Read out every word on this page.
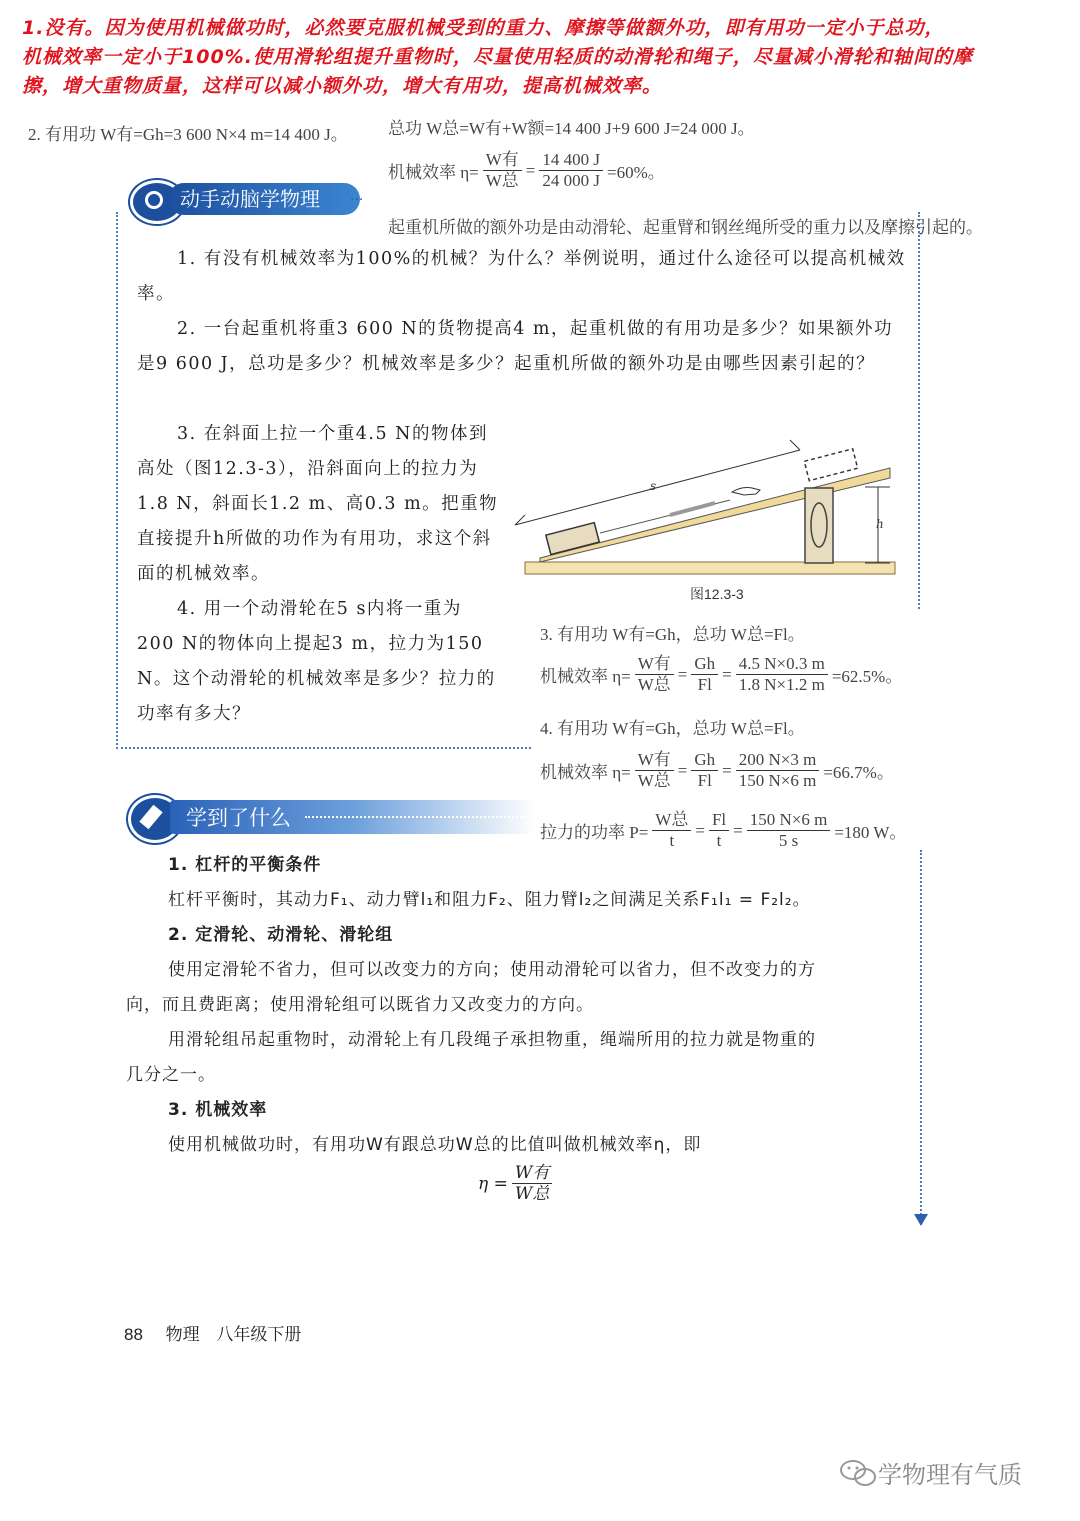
1.没有。因为使用机械做功时，必然要克服机械受到的重力、摩擦等做额外功，即有用功一定小于总功，
机械效率一定小于100%.使用滑轮组提升重物时，尽量使用轻质的动滑轮和绳子，尽量减小滑轮和轴间的摩
擦，增大重物质量，这样可以减小额外功，增大有用功，提高机械效率。
2. 有用功 W有=Gh=3 600 N×4 m=14 400 J。 总功 W总=W有+W额=14 400 J+9 600 J=24 000 J。
机械效率 $\eta= \frac{\text{W有}}{\text{W总}} = \frac{14 400 J}{24 000 J} =60\%$。
起重机所做的额外功是由动滑轮、起重臂和钢丝绳所受的重力以及摩擦引起的。
动手动脑学物理	···
1. 有没有机械效率为100%的机械？为什么？举例说明，通过什么途径可以提高机械效率。
2. 一台起重机将重3 600 N的货物提高4 m，起重机做的有用功是多少？如果额外功是9 600 J，总功是多少？机械效率是多少？起重机所做的额外功是由哪些因素引起的？
3. 在斜面上拉一个重4.5 N的物体到高处（图12.3-3），沿斜面向上的拉力为1.8 N，斜面长1.2 m、高0.3 m。把重物直接提升h所做的功作为有用功，求这个斜面的机械效率。
4. 用一个动滑轮在5 s内将一重为200 N的物体向上提起3 m，拉力为150 N。这个动滑轮的机械效率是多少？拉力的功率有多大？
s
h
图12.3-3
3. 有用功 W有=Gh，总功 W总=Fl。
机械效率 $\eta= \frac{\text{W有}}{\text{W总}} = \frac{Gh}{Fl} = \frac{4.5 N\times 0.3 m}{1.8 N\times 1.2 m} =62.5\%$。
4. 有用功 W有=Gh，总功 W总=Fl。
机械效率 $\eta= \frac{\text{W有}}{\text{W总}} = \frac{Gh}{Fl} = \frac{200 N\times 3 m}{150 N\times 6 m} =66.7\%$。
拉力的功率 $P= \frac{\text{W总}}{t} = \frac{Fl}{t} = \frac{150 N\times 6 m}{5 s} =180$ W。
学到了什么
1. 杠杆的平衡条件
杠杆平衡时，其动力F₁、动力臂l₁和阻力F₂、阻力臂l₂之间满足关系F₁l₁ = F₂l₂。
2. 定滑轮、动滑轮、滑轮组
使用定滑轮不省力，但可以改变力的方向；使用动滑轮可以省力，但不改变力的方
向，而且费距离；使用滑轮组可以既省力又改变力的方向。
用滑轮组吊起重物时，动滑轮上有几段绳子承担物重，绳端所用的拉力就是物重的
几分之一。
3. 机械效率
使用机械做功时，有用功W有跟总功W总的比值叫做机械效率η，即
$\eta = \frac{\text{W有}}{\text{W总}}$
88 物理 八年级下册
学物理有气质
